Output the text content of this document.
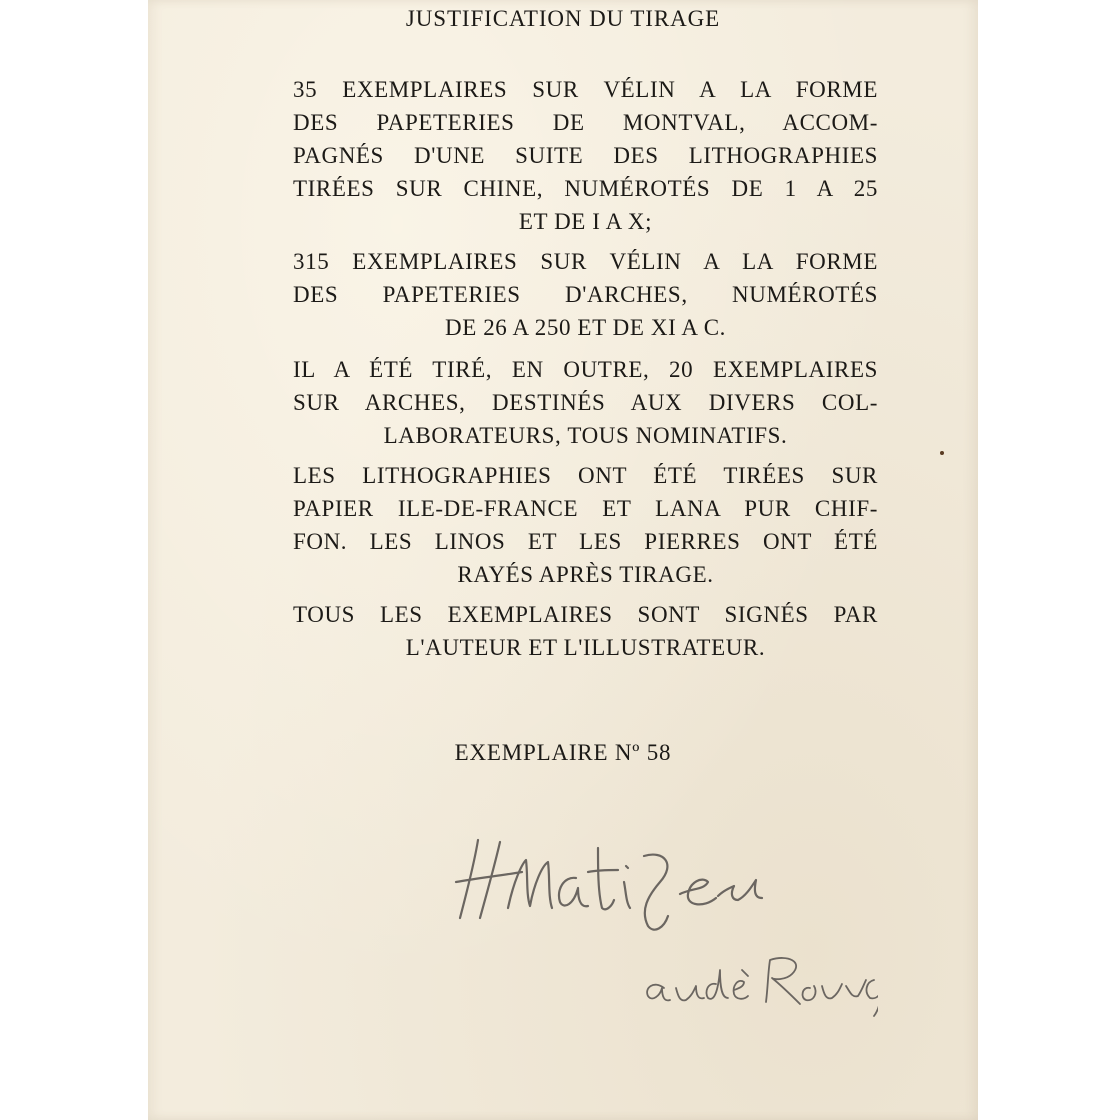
JUSTIFICATION DU TIRAGE
35 EXEMPLAIRES SUR VÉLIN A LA FORME
DES PAPETERIES DE MONTVAL, ACCOM-
PAGNÉS D'UNE SUITE DES LITHOGRAPHIES
TIRÉES SUR CHINE, NUMÉROTÉS DE 1 A 25
ET DE I A X;
315 EXEMPLAIRES SUR VÉLIN A LA FORME
DES PAPETERIES D'ARCHES, NUMÉROTÉS
DE 26 A 250 ET DE XI A C.
IL A ÉTÉ TIRÉ, EN OUTRE, 20 EXEMPLAIRES
SUR ARCHES, DESTINÉS AUX DIVERS COL-
LABORATEURS, TOUS NOMINATIFS.
LES LITHOGRAPHIES ONT ÉTÉ TIRÉES SUR
PAPIER ILE-DE-FRANCE ET LANA PUR CHIF-
FON. LES LINOS ET LES PIERRES ONT ÉTÉ
RAYÉS APRÈS TIRAGE.
TOUS LES EXEMPLAIRES SONT SIGNÉS PAR
L'AUTEUR ET L'ILLUSTRATEUR.
EXEMPLAIRE Nº 58
